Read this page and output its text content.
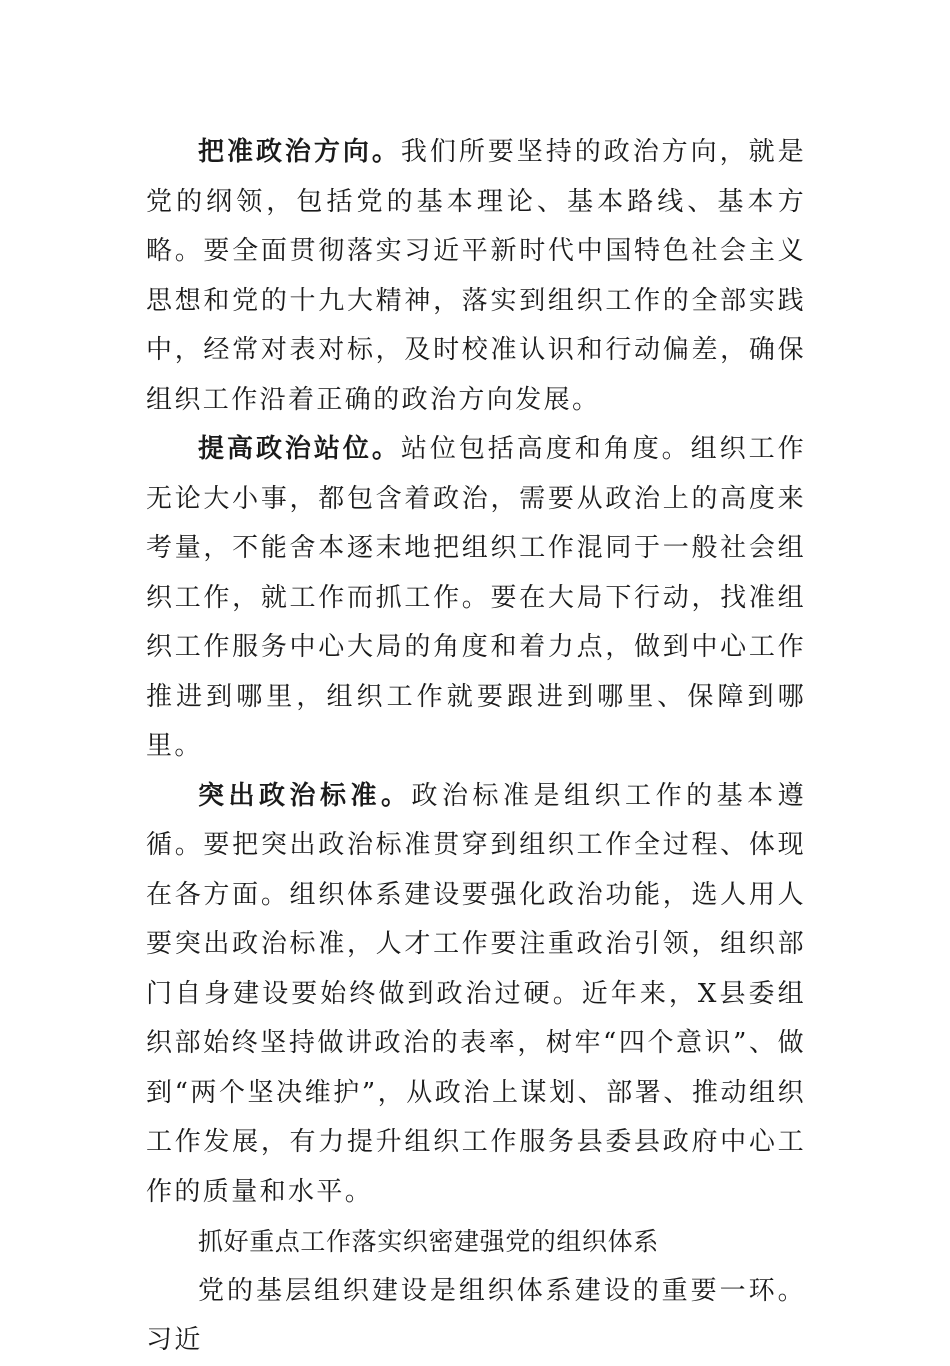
把准政治方向。我们所要坚持的政治方向，就是党的纲领，包括党的基本理论、基本路线、基本方略。要全面贯彻落实习近平新时代中国特色社会主义思想和党的十九大精神，落实到组织工作的全部实践中，经常对表对标，及时校准认识和行动偏差，确保组织工作沿着正确的政治方向发展。

提高政治站位。站位包括高度和角度。组织工作无论大小事，都包含着政治，需要从政治上的高度来考量，不能舍本逐末地把组织工作混同于一般社会组织工作，就工作而抓工作。要在大局下行动，找准组织工作服务中心大局的角度和着力点，做到中心工作推进到哪里，组织工作就要跟进到哪里、保障到哪里。

突出政治标准。政治标准是组织工作的基本遵循。要把突出政治标准贯穿到组织工作全过程、体现在各方面。组织体系建设要强化政治功能，选人用人要突出政治标准，人才工作要注重政治引领，组织部门自身建设要始终做到政治过硬。近年来，X县委组织部始终坚持做讲政治的表率，树牢“四个意识”、做到“两个坚决维护”，从政治上谋划、部署、推动组织工作发展，有力提升组织工作服务县委县政府中心工作的质量和水平。

抓好重点工作落实织密建强党的组织体系

党的基层组织建设是组织体系建设的重要一环。习近
